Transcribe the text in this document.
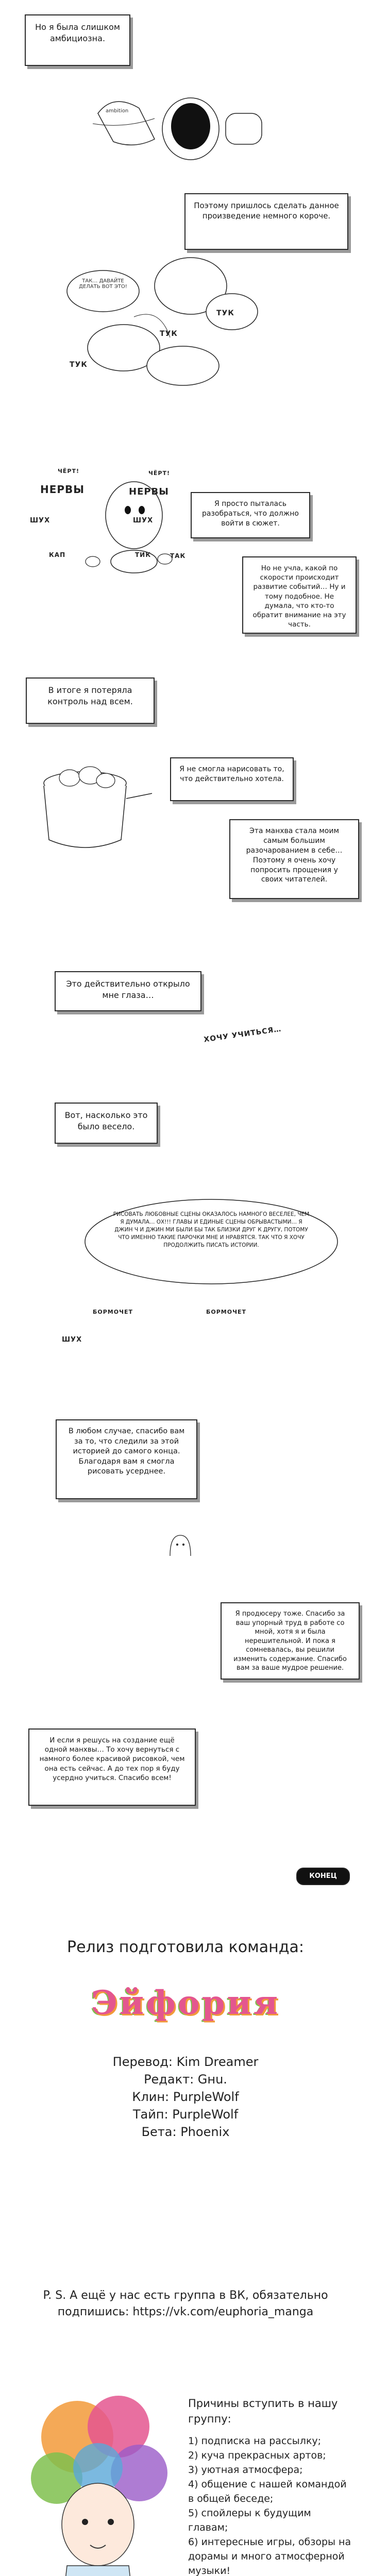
Но я была слишком амбициозна.

ambition
ambitious

Поэтому пришлось сделать данное произведение немного короче.

ТАК… ДАВАЙТЕ ДЕЛАТЬ ВОТ ЭТО!
ТУК
ТУК
ТУК
ЧЁРТ!	ЧЁРТ!
НЕРВЫ	НЕРВЫ
ШУХ	ШУХ
КАП	ТИК	ТАК

Я просто пыталась разобраться, что должно войти в сюжет.

Но не учла, какой по скорости происходит развитие событий… Ну и тому подобное. Не думала, что кто-то обратит внимание на эту часть.

В итоге я потеряла контроль над всем.

Я не смогла нарисовать то, что действительно хотела.

Эта манхва стала моим самым большим разочарованием в себе… Поэтому я очень хочу попросить прощения у своих читателей.

Это действительно открыло мне глаза…

ХОЧУ УЧИТЬСЯ…

Вот, насколько это было весело.

РИСОВАТЬ ЛЮБОВНЫЕ СЦЕНЫ ОКАЗАЛОСЬ НАМНОГО ВЕСЕЛЕЕ, ЧЕМ Я ДУМАЛА… ОХ!!! ГЛАВЫ И ЕДИНЫЕ СЦЕНЫ ОБРЫВАСТЫМИ… Я ДЖИН Ч И ДЖИН МИ БЫЛИ БЫ ТАК БЛИЗКИ ДРУГ К ДРУГУ, ПОТОМУ ЧТО ИМЕННО ТАКИЕ ПАРОЧКИ МНЕ И НРАВЯТСЯ. ТАК ЧТО Я ХОЧУ ПРОДОЛЖИТЬ ПИСАТЬ ИСТОРИИ.
БОРМОЧЕТ	БОРМОЧЕТ
ШУХ

В любом случае, спасибо вам за то, что следили за этой историей до самого конца. Благодаря вам я смогла рисовать усерднее.

Я продюсеру тоже. Спасибо за ваш упорный труд в работе со мной, хотя я и была нерешительной. И пока я сомневалась, вы решили изменить содержание. Спасибо вам за ваше мудрое решение.

И если я решусь на создание ещё одной манхвы… То хочу вернуться с намного более красивой рисовкой, чем она есть сейчас. А до тех пор я буду усердно учиться. Спасибо всем!

КОНЕЦ

Релиз подготовила команда:

Эйфория

Перевод: Kim Dreamer

Редакт: Gнu.

Клин: PurpleWolf

Тайп: PurpleWolf

Бета: Phoenix

P. S. А ещё у нас есть группа в ВК, обязательно подпишись: https://vk.com/euphoria_manga

Причины вступить в нашу группу:

1) подписка на рассылку;

2) куча прекрасных артов;

3) уютная атмосфера;

4) общение с нашей командой в общей беседе;

5) спойлеры к будущим главам;

6) интересные игры, обзоры на дорамы и много атмосферной музыки!
